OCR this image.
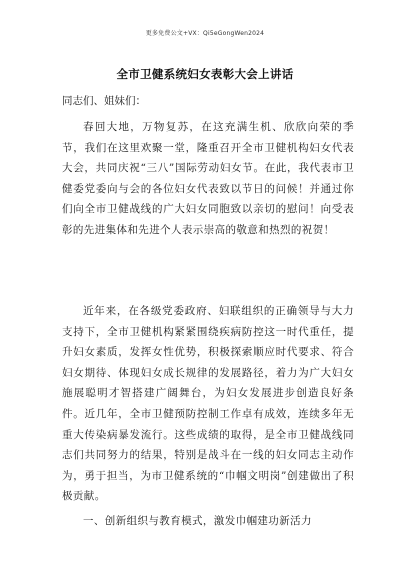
更多免费公文+VX：Qi5eGongWen2024
全市卫健系统妇女表彰大会上讲话
同志们、姐妹们：

春回大地，万物复苏，在这充满生机、欣欣向荣的季节，我们在这里欢聚一堂，隆重召开全市卫健机构妇女代表大会，共同庆祝“三八”国际劳动妇女节。在此，我代表市卫健委党委向与会的各位妇女代表致以节日的问候！并通过你们向全市卫健战线的广大妇女同胞致以亲切的慰问！向受表彰的先进集体和先进个人表示崇高的敬意和热烈的祝贺！

近年来，在各级党委政府、妇联组织的正确领导与大力支持下，全市卫健机构紧紧围绕疾病防控这一时代重任，提升妇女素质，发挥女性优势，积极探索顺应时代要求、符合妇女期待、体现妇女成长规律的发展路径，着力为广大妇女施展聪明才智搭建广阔舞台，为妇女发展进步创造良好条件。近几年，全市卫健预防控制工作卓有成效，连续多年无重大传染病暴发流行。这些成绩的取得，是全市卫健战线同志们共同努力的结果，特别是战斗在一线的妇女同志主动作为，勇于担当，为市卫健系统的“巾帼文明岗”创建做出了积极贡献。

一、创新组织与教育模式，激发巾帼建功新活力
